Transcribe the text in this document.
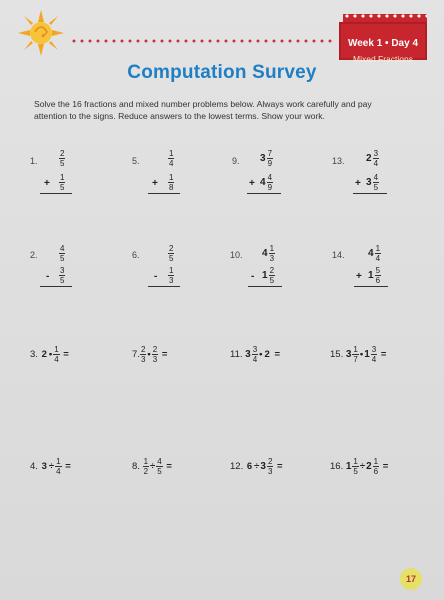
Week 1 • Day 4
Mixed Fractions
Computation Survey
Solve the 16 fractions and mixed number problems below. Always work carefully and pay attention to the signs. Reduce answers to the lowest terms. Show your work.
1.	$\frac{2}{5}$
+ $\frac{1}{5}$
5.	$\frac{1}{4}$
+ $\frac{1}{8}$
9. $3 \frac{7}{9}$
+ $4 \frac{4}{9}$
13. $2 \frac{3}{4}$
+ $3 \frac{4}{5}$
2.	$\frac{4}{5}$
- $\frac{3}{5}$
6.	$\frac{2}{5}$
- $\frac{1}{3}$
10. $4 \frac{1}{3}$
- $1 \frac{2}{5}$
14. $4 \frac{1}{4}$
+ $1 \frac{5}{6}$
3.
2 • $\frac{1}{4}$
=	7. $\frac{2}{3}$ • $\frac{2}{3}$
=	11.
$3 \frac{3}{4}$ • 2
=	15.
$3 \frac{1}{7}$ • $1 \frac{3}{4}$
=
4.
$3 \div \frac{1}{4}$
=	8.
$\frac{1}{2} \div \frac{4}{5}$
=	12.
$6 \div 3 \frac{2}{3}$
=	16.
$1 \frac{1}{5} \div 2 \frac{1}{6}$
=
17
